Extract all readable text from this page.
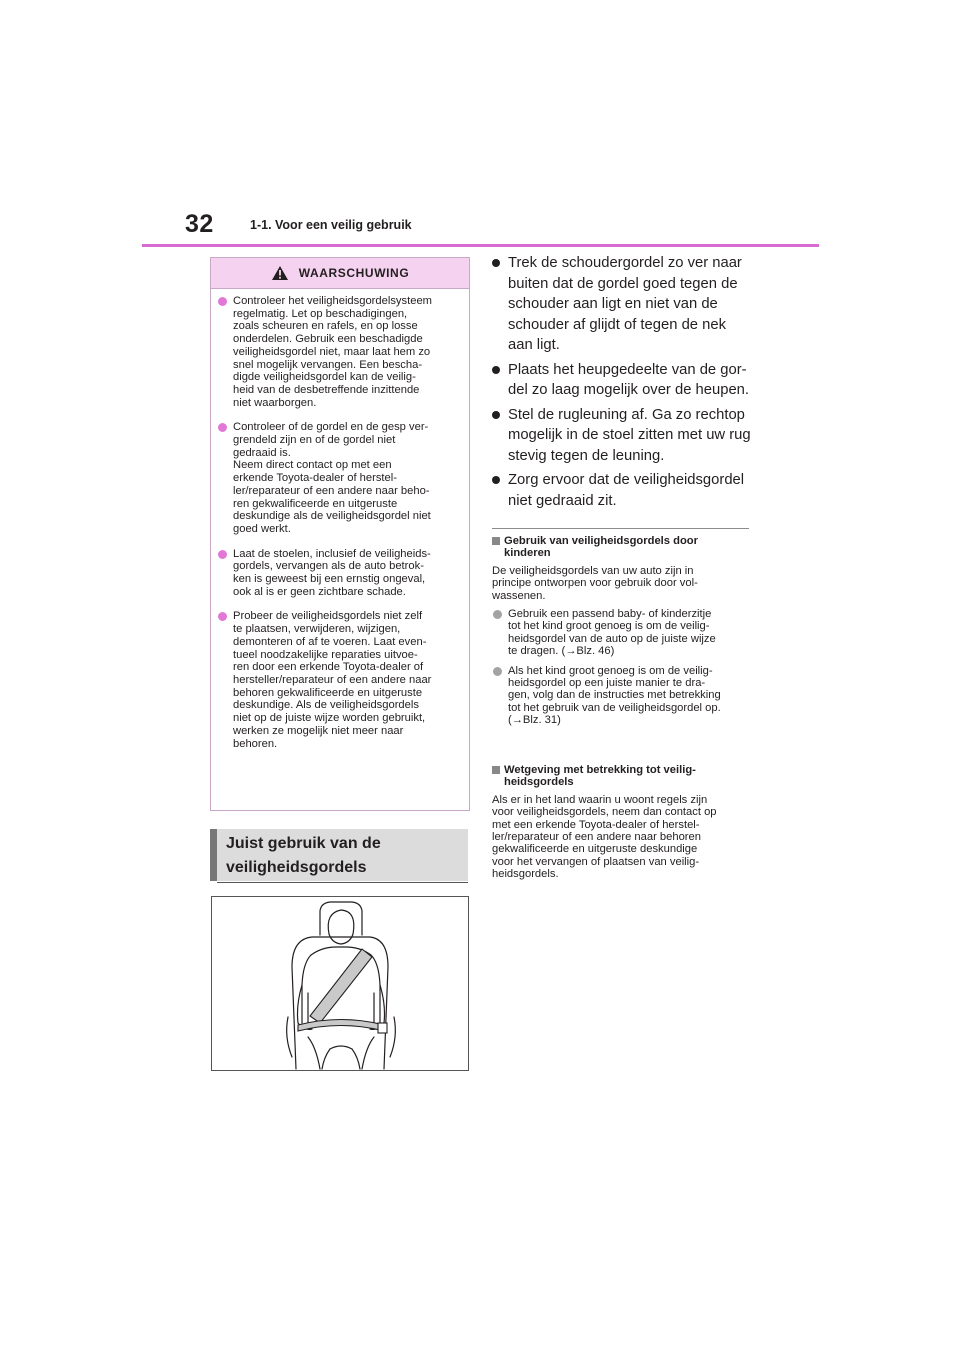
32	1-1. Voor een veilig gebruik
WAARSCHUWING
Controleer het veiligheidsgordelsysteem
regelmatig. Let op beschadigingen,
zoals scheuren en rafels, en op losse
onderdelen. Gebruik een beschadigde
veiligheidsgordel niet, maar laat hem zo
snel mogelijk vervangen. Een bescha-
digde veiligheidsgordel kan de veilig-
heid van de desbetreffende inzittende
niet waarborgen.
Controleer of de gordel en de gesp ver-
grendeld zijn en of de gordel niet
gedraaid is.
Neem direct contact op met een
erkende Toyota-dealer of herstel-
ler/reparateur of een andere naar beho-
ren gekwalificeerde en uitgeruste
deskundige als de veiligheidsgordel niet
goed werkt.
Laat de stoelen, inclusief de veiligheids-
gordels, vervangen als de auto betrok-
ken is geweest bij een ernstig ongeval,
ook al is er geen zichtbare schade.
Probeer de veiligheidsgordels niet zelf
te plaatsen, verwijderen, wijzigen,
demonteren of af te voeren. Laat even-
tueel noodzakelijke reparaties uitvoe-
ren door een erkende Toyota-dealer of
hersteller/reparateur of een andere naar
behoren gekwalificeerde en uitgeruste
deskundige. Als de veiligheidsgordels
niet op de juiste wijze worden gebruikt,
werken ze mogelijk niet meer naar
behoren.
Juist gebruik van de
veiligheidsgordels
Trek de schoudergordel zo ver naar
buiten dat de gordel goed tegen de
schouder aan ligt en niet van de
schouder af glijdt of tegen de nek
aan ligt.
Plaats het heupgedeelte van de gor-
del zo laag mogelijk over de heupen.
Stel de rugleuning af. Ga zo rechtop
mogelijk in de stoel zitten met uw rug
stevig tegen de leuning.
Zorg ervoor dat de veiligheidsgordel
niet gedraaid zit.
Gebruik van veiligheidsgordels door
kinderen
De veiligheidsgordels van uw auto zijn in
principe ontworpen voor gebruik door vol-
wassenen.
Gebruik een passend baby- of kinderzitje
tot het kind groot genoeg is om de veilig-
heidsgordel van de auto op de juiste wijze
te dragen. (→Blz. 46)
Als het kind groot genoeg is om de veilig-
heidsgordel op een juiste manier te dra-
gen, volg dan de instructies met betrekking
tot het gebruik van de veiligheidsgordel op.
(→Blz. 31)
Wetgeving met betrekking tot veilig-
heidsgordels
Als er in het land waarin u woont regels zijn
voor veiligheidsgordels, neem dan contact op
met een erkende Toyota-dealer of herstel-
ler/reparateur of een andere naar behoren
gekwalificeerde en uitgeruste deskundige
voor het vervangen of plaatsen van veilig-
heidsgordels.
